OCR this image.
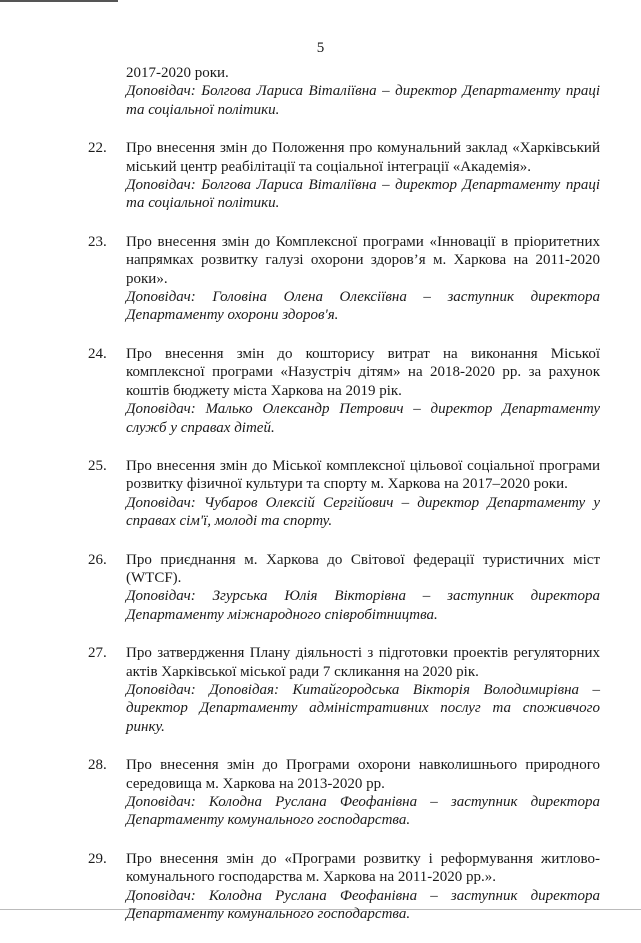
5

2017-2020 роки.

Доповідач: Болгова Лариса Віталіївна – директор Департаменту праці та соціальної політики.

22.	Про внесення змін до Положення про комунальний заклад «Харківський міський центр реабілітації та соціальної інтеграції «Академія».

Доповідач: Болгова Лариса Віталіївна – директор Департаменту праці та соціальної політики.

23.	Про внесення змін до Комплексної програми «Інновації в пріоритетних напрямках розвитку галузі охорони здоров’я м. Харкова на 2011-2020 роки».

Доповідач: Головіна Олена Олексіївна – заступник директора Департаменту охорони здоров'я.

24.	Про внесення змін до кошторису витрат на виконання Міської комплексної програми «Назустріч дітям» на 2018-2020 рр. за рахунок коштів бюджету міста Харкова на 2019 рік.

Доповідач: Малько Олександр Петрович – директор Департаменту служб у справах дітей.

25.	Про внесення змін до Міської комплексної цільової соціальної програми розвитку фізичної культури та спорту м. Харкова на 2017–2020 роки.

Доповідач: Чубаров Олексій Сергійович – директор Департаменту у справах сім'ї, молоді та спорту.

26.	Про приєднання м. Харкова до Світової федерації туристичних міст (WTCF).

Доповідач: Згурська Юлія Вікторівна – заступник директора Департаменту міжнародного співробітництва.

27.	Про затвердження Плану діяльності з підготовки проектів регуляторних актів Харківської міської ради 7 скликання на 2020 рік.

Доповідач: Доповідая: Китайгородська Вікторія Володимирівна – директор Департаменту адміністративних послуг та споживчого ринку.

28.	Про внесення змін до Програми охорони навколишнього природного середовища м. Харкова на 2013-2020 рр.

Доповідач: Колодна Руслана Феофанівна – заступник директора Департаменту комунального господарства.

29.	Про внесення змін до «Програми розвитку і реформування житлово-комунального господарства м. Харкова на 2011-2020 рр.».

Доповідач: Колодна Руслана Феофанівна – заступник директора Департаменту комунального господарства.
